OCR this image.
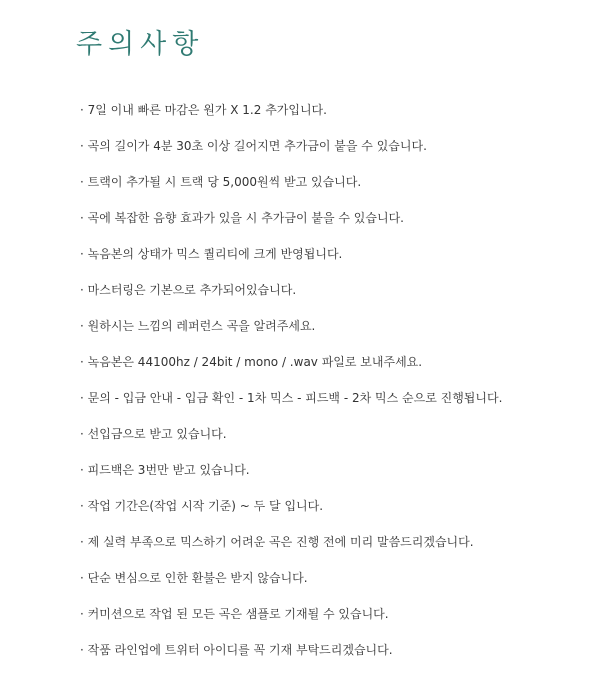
주의사항
· 7일 이내 빠른 마감은 원가 X 1.2 추가입니다.
· 곡의 길이가 4분 30초 이상 길어지면 추가금이 붙을 수 있습니다.
· 트랙이 추가될 시 트랙 당 5,000원씩 받고 있습니다.
· 곡에 복잡한 음향 효과가 있을 시 추가금이 붙을 수 있습니다.
· 녹음본의 상태가 믹스 퀄리티에 크게 반영됩니다.
· 마스터링은 기본으로 추가되어있습니다.
· 원하시는 느낌의 레퍼런스 곡을 알려주세요.
· 녹음본은 44100hz / 24bit / mono / .wav 파일로 보내주세요.
· 문의 - 입금 안내 - 입금 확인 - 1차 믹스 - 피드백 - 2차 믹스 순으로 진행됩니다.
· 선입금으로 받고 있습니다.
· 피드백은 3번만 받고 있습니다.
· 작업 기간은(작업 시작 기준) ~ 두 달 입니다.
· 제 실력 부족으로 믹스하기 어려운 곡은 진행 전에 미리 말씀드리겠습니다.
· 단순 변심으로 인한 환불은 받지 않습니다.
· 커미션으로 작업 된 모든 곡은 샘플로 기재될 수 있습니다.
· 작품 라인업에 트위터 아이디를 꼭 기재 부탁드리겠습니다.
